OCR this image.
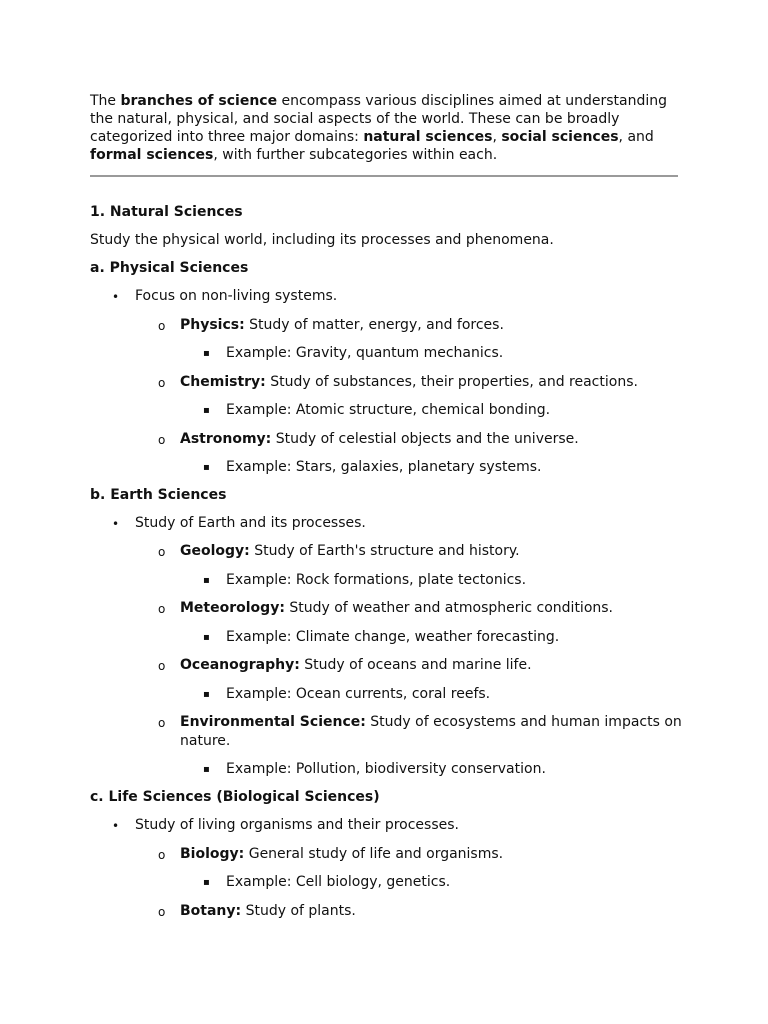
The branches of science encompass various disciplines aimed at understanding
the natural, physical, and social aspects of the world. These can be broadly
categorized into three major domains: natural sciences, social sciences, and
formal sciences, with further subcategories within each.
1. Natural Sciences
Study the physical world, including its processes and phenomena.
a. Physical Sciences
• Focus on non-living systems.
o Physics: Study of matter, energy, and forces.
▪ Example: Gravity, quantum mechanics.
o Chemistry: Study of substances, their properties, and reactions.
▪ Example: Atomic structure, chemical bonding.
o Astronomy: Study of celestial objects and the universe.
▪ Example: Stars, galaxies, planetary systems.
b. Earth Sciences
• Study of Earth and its processes.
o Geology: Study of Earth's structure and history.
▪ Example: Rock formations, plate tectonics.
o Meteorology: Study of weather and atmospheric conditions.
▪ Example: Climate change, weather forecasting.
o Oceanography: Study of oceans and marine life.
▪ Example: Ocean currents, coral reefs.
o Environmental Science: Study of ecosystems and human impacts on
nature.
▪ Example: Pollution, biodiversity conservation.
c. Life Sciences (Biological Sciences)
• Study of living organisms and their processes.
o Biology: General study of life and organisms.
▪ Example: Cell biology, genetics.
o Botany: Study of plants.
